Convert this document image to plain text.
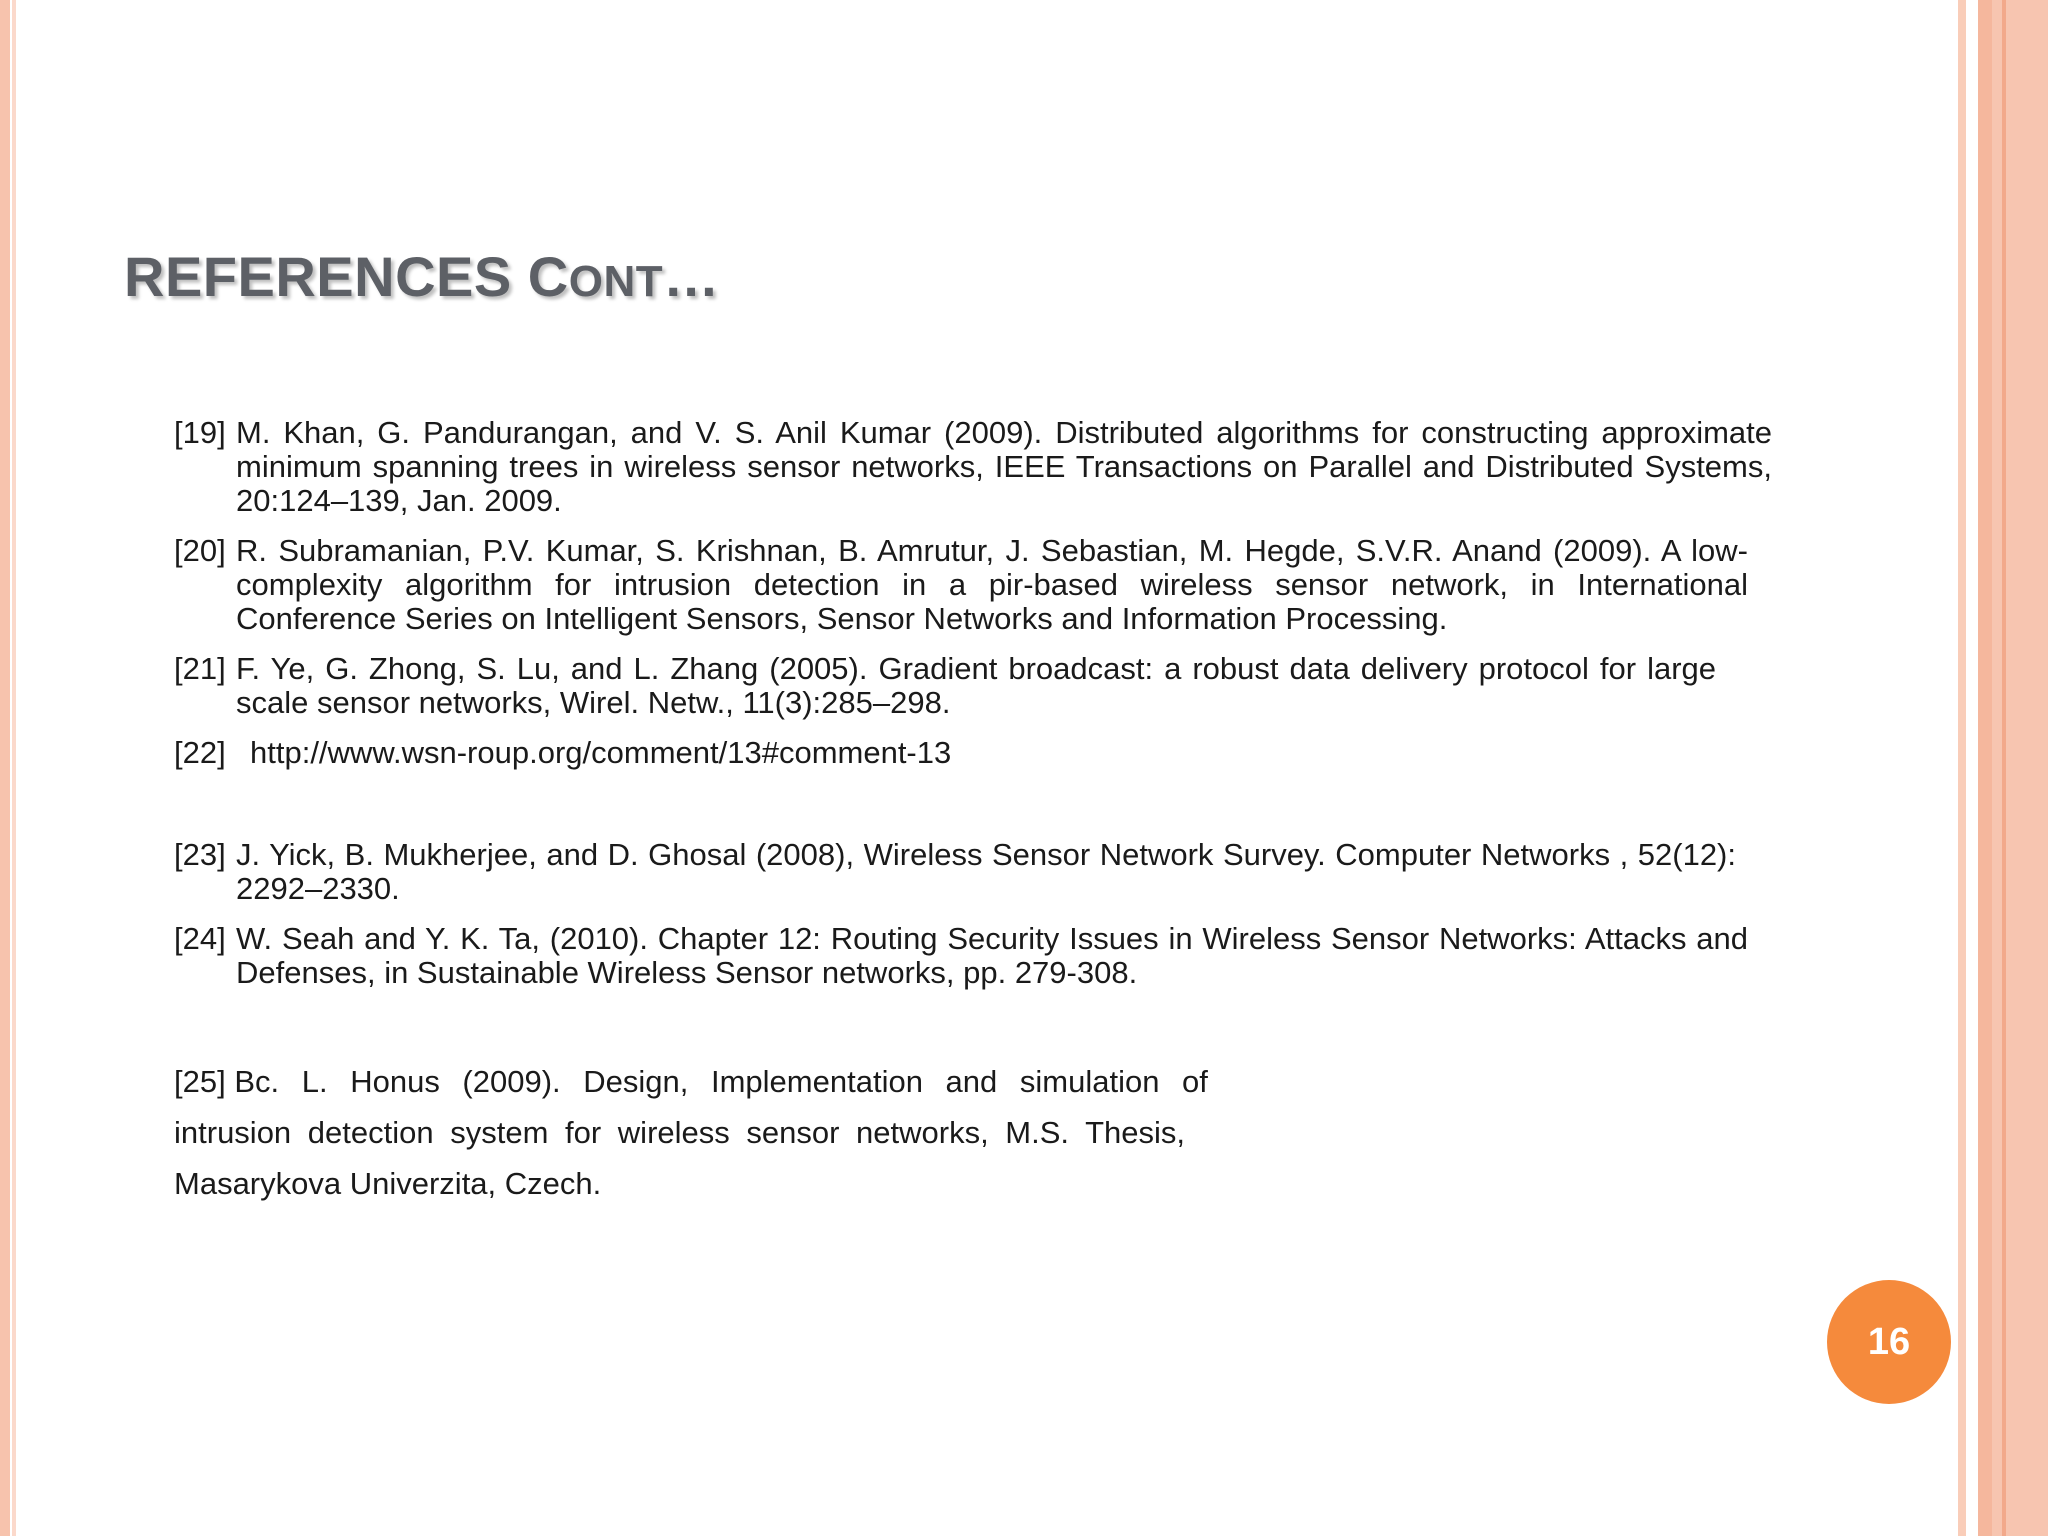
REFERENCES CONT…
[19] M. Khan, G. Pandurangan, and V. S. Anil Kumar (2009). Distributed algorithms for constructing approximate minimum spanning trees in wireless sensor networks, IEEE Transactions on Parallel and Distributed Systems, 20:124–139, Jan. 2009.
[20] R. Subramanian, P.V. Kumar, S. Krishnan, B. Amrutur, J. Sebastian, M. Hegde, S.V.R. Anand (2009). A low-complexity algorithm for intrusion detection in a pir-based wireless sensor network, in International Conference Series on Intelligent Sensors, Sensor Networks and Information Processing.
[21] F. Ye, G. Zhong, S. Lu, and L. Zhang (2005). Gradient broadcast: a robust data delivery protocol for large scale sensor networks, Wirel. Netw., 11(3):285–298.
[22] http://www.wsn-roup.org/comment/13#comment-13
[23] J. Yick, B. Mukherjee, and D. Ghosal (2008), Wireless Sensor Network Survey. Computer Networks , 52(12): 2292–2330.
[24] W. Seah and Y. K. Ta, (2010). Chapter 12: Routing Security Issues in Wireless Sensor Networks: Attacks and Defenses, in Sustainable Wireless Sensor networks, pp. 279-308.
[25] Bc. L. Honus (2009). Design, Implementation and simulation of
intrusion detection system for wireless sensor networks, M.S. Thesis,
Masarykova Univerzita, Czech.
16
